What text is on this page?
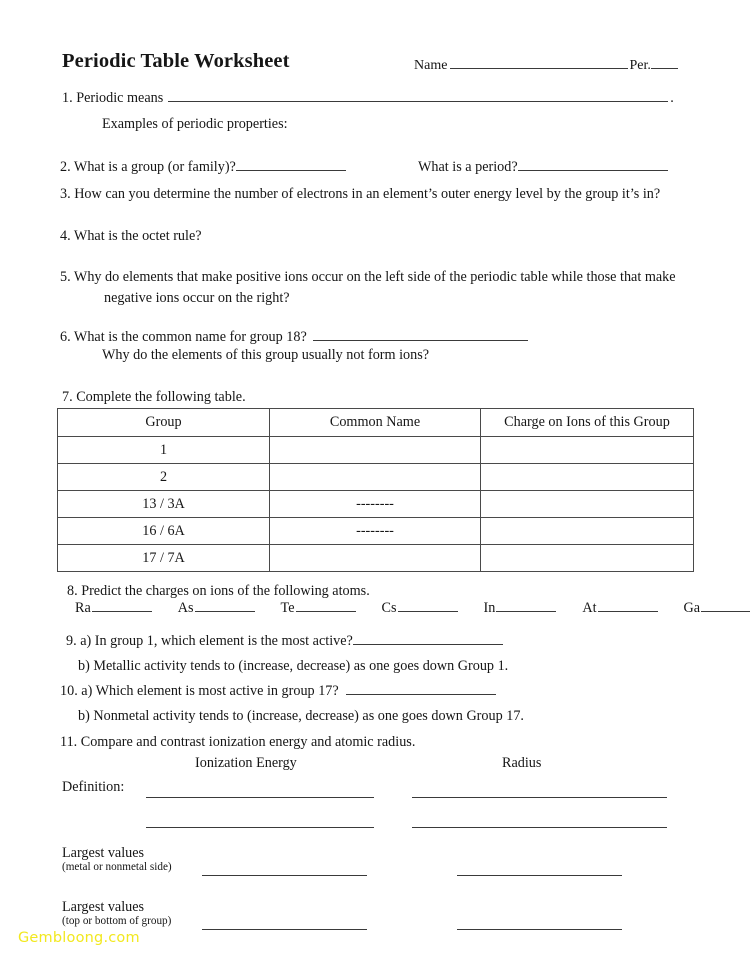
Periodic Table Worksheet	Name	Per.
1. Periodic means	.
Examples of periodic properties:
2. What is a group (or family)?	What is a period?
3. How can you determine the number of electrons in an element’s outer energy level by the group it’s in?
4. What is the octet rule?
5. Why do elements that make positive ions occur on the left side of the periodic table while those that make negative ions occur on the right?
6. What is the common name for group 18?
Why do the elements of this group usually not form ions?
7. Complete the following table.
Group	Common Name	Charge on Ions of this Group
1		
2		
13 / 3A	--------	
16 / 6A	--------	
17 / 7A		
8. Predict the charges on ions of the following atoms.
Ra	As	Te	Cs	In	At	Ga
9. a) In group 1, which element is the most active?
b) Metallic activity tends to (increase, decrease) as one goes down Group 1.
10. a) Which element is most active in group 17?
b) Nonmetal activity tends to (increase, decrease) as one goes down Group 17.
11. Compare and contrast ionization energy and atomic radius.
Ionization Energy	Radius
Definition:
Largest values
(metal or nonmetal side)
Largest values
(top or bottom of group)
Gembloong.com
